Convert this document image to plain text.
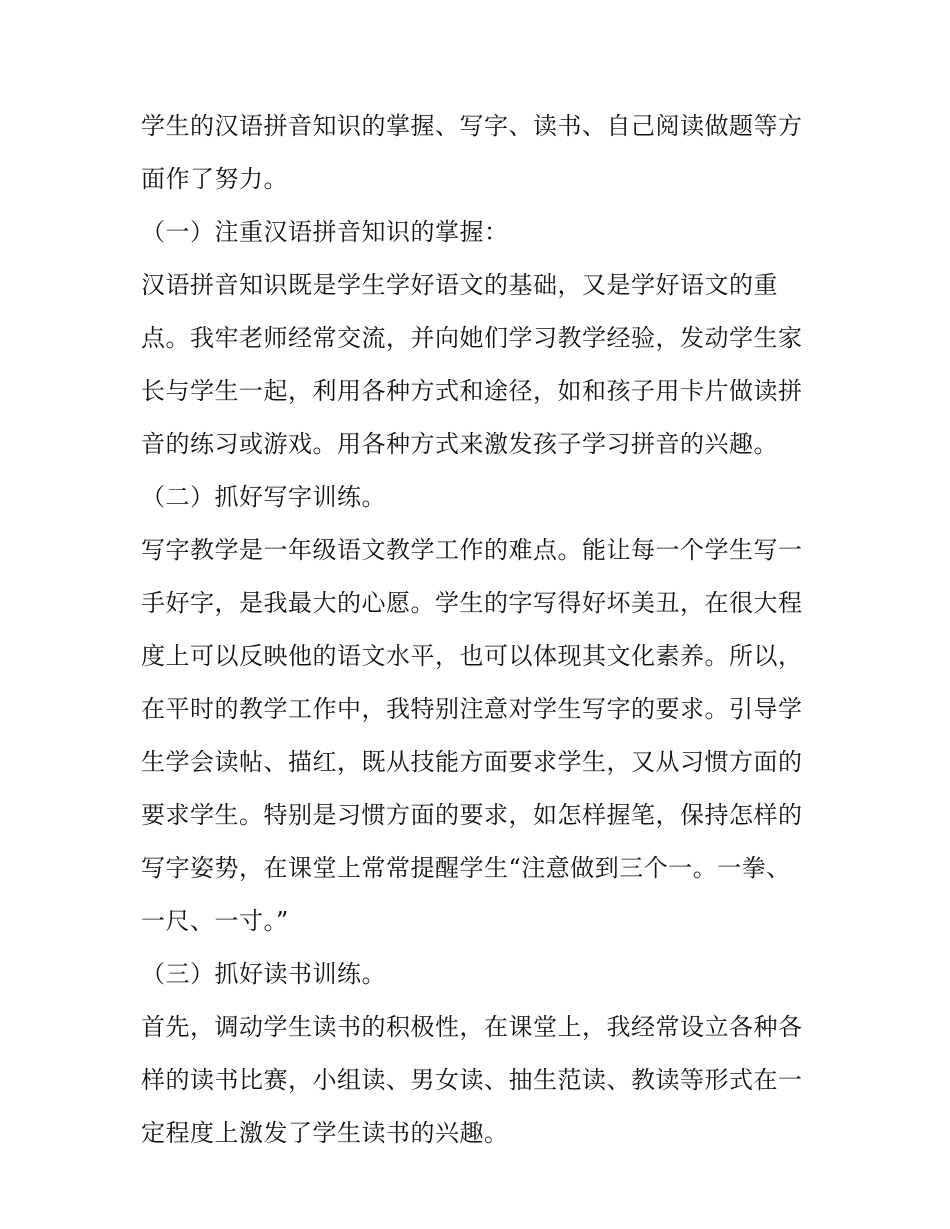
学生的汉语拼音知识的掌握、写字、读书、自己阅读做题等方
面作了努力。
（一）注重汉语拼音知识的掌握：
汉语拼音知识既是学生学好语文的基础，又是学好语文的重
点。我牢老师经常交流，并向她们学习教学经验，发动学生家
长与学生一起，利用各种方式和途径，如和孩子用卡片做读拼
音的练习或游戏。用各种方式来激发孩子学习拼音的兴趣。
（二）抓好写字训练。
写字教学是一年级语文教学工作的难点。能让每一个学生写一
手好字，是我最大的心愿。学生的字写得好坏美丑，在很大程
度上可以反映他的语文水平，也可以体现其文化素养。所以，
在平时的教学工作中，我特别注意对学生写字的要求。引导学
生学会读帖、描红，既从技能方面要求学生，又从习惯方面的
要求学生。特别是习惯方面的要求，如怎样握笔，保持怎样的
写字姿势，在课堂上常常提醒学生“注意做到三个一。一拳、
一尺、一寸。”
（三）抓好读书训练。
首先，调动学生读书的积极性，在课堂上，我经常设立各种各
样的读书比赛，小组读、男女读、抽生范读、教读等形式在一
定程度上激发了学生读书的兴趣。
